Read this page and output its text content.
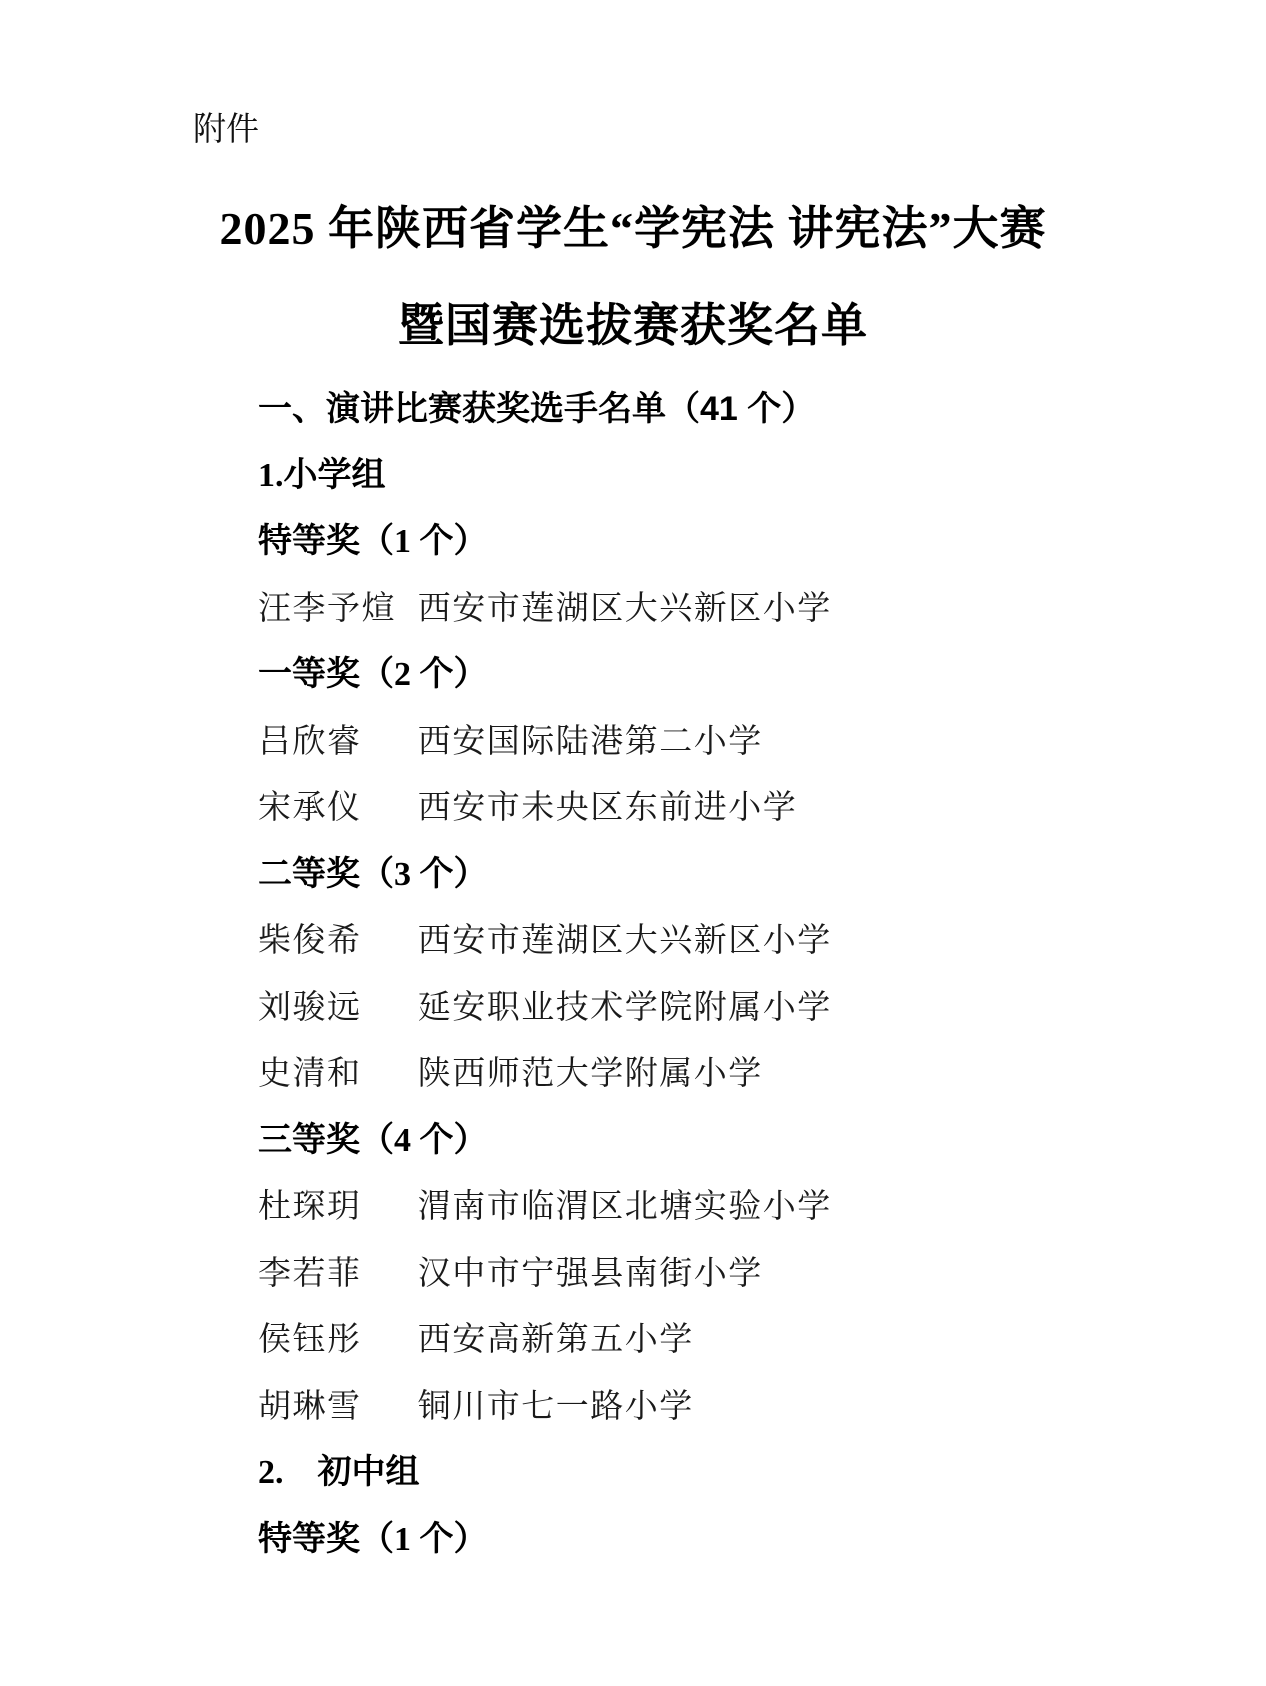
附件
2025 年陕西省学生“学宪法 讲宪法”大赛
暨国赛选拔赛获奖名单
一、演讲比赛获奖选手名单（41 个）
1.小学组
特等奖（1 个）
汪李予煊 西安市莲湖区大兴新区小学
一等奖（2 个）
吕欣睿 西安国际陆港第二小学
宋承仪 西安市未央区东前进小学
二等奖（3 个）
柴俊希 西安市莲湖区大兴新区小学
刘骏远 延安职业技术学院附属小学
史清和 陕西师范大学附属小学
三等奖（4 个）
杜琛玥 渭南市临渭区北塘实验小学
李若菲 汉中市宁强县南街小学
侯钰彤 西安高新第五小学
胡琳雪 铜川市七一路小学
2.　初中组
特等奖（1 个）
